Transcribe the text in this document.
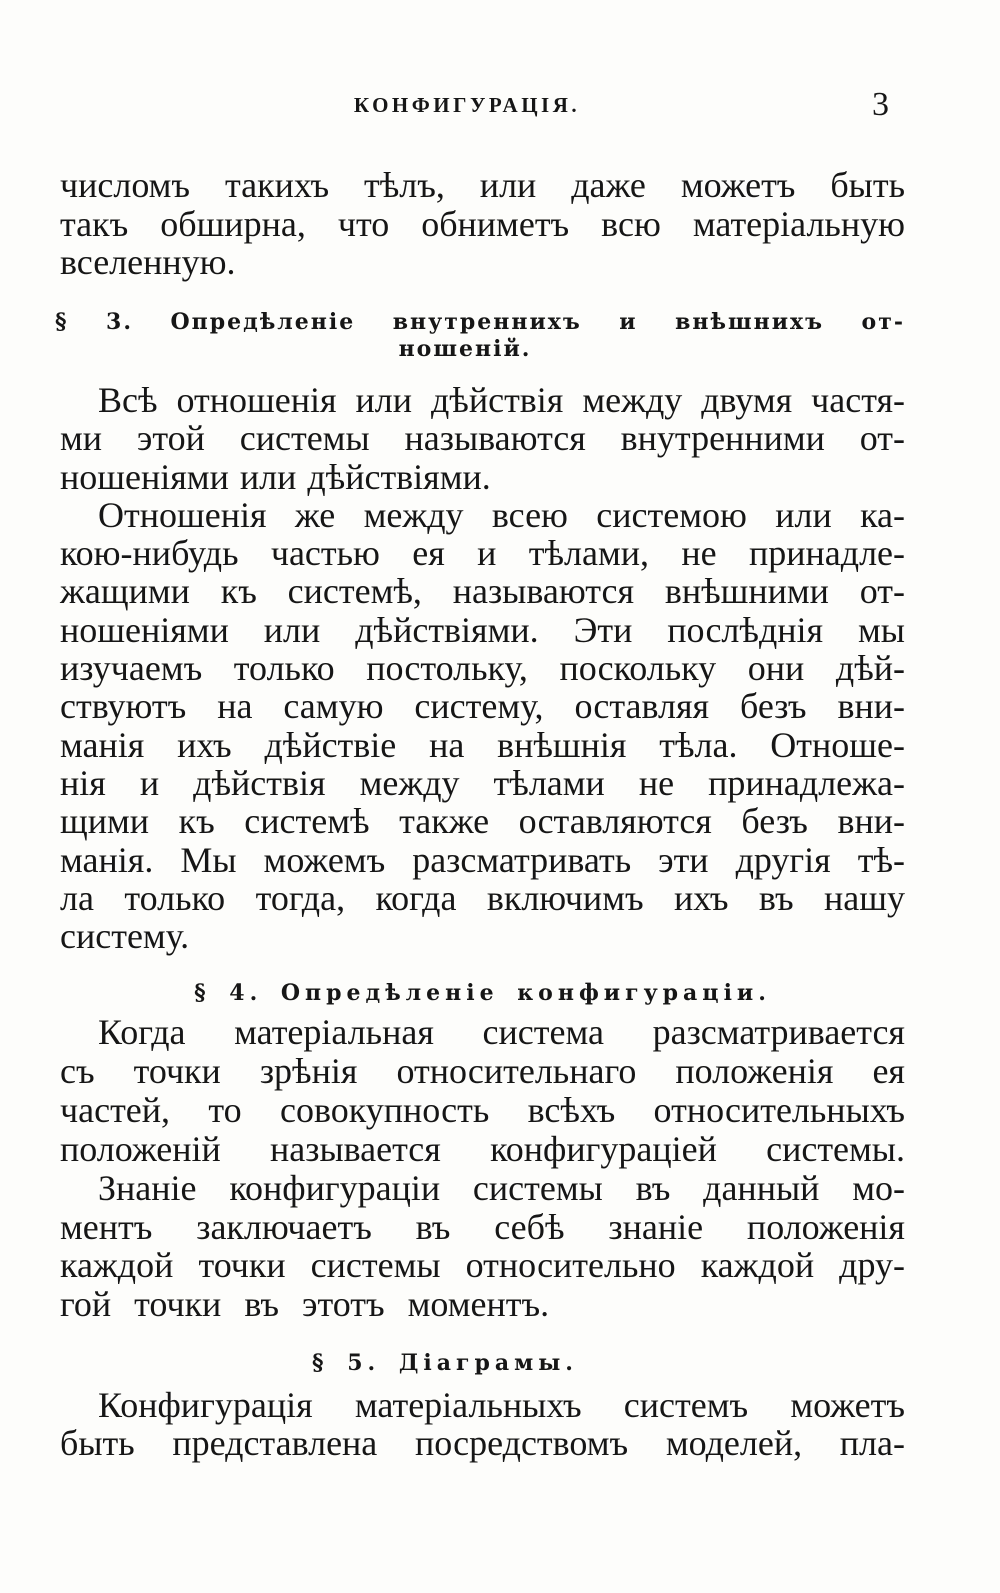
КОНФИГУРАЦІЯ.	3
числомъ такихъ тѣлъ, или даже можетъ быть
такъ обширна, что обниметъ всю матеріальную
вселенную.
§ 3. Опредѣленіе внутреннихъ и внѣшнихъ от-
ношеній.
Всѣ отношенія или дѣйствія между двумя частя-
ми этой системы называются внутренними от-
ношеніями или дѣйствіями.
Отношенія же между всею системою или ка-
кою-нибудь частью ея и тѣлами, не принадле-
жащими къ системѣ, называются внѣшними от-
ношеніями или дѣйствіями. Эти послѣднія мы
изучаемъ только постольку, поскольку они дѣй-
ствуютъ на самую систему, оставляя безъ вни-
манія ихъ дѣйствіе на внѣшнія тѣла. Отноше-
нія и дѣйствія между тѣлами не принадлежа-
щими къ системѣ также оставляются безъ вни-
манія. Мы можемъ разсматривать эти другія тѣ-
ла только тогда, когда включимъ ихъ въ нашу
систему.
§ 4. Опредѣленіе конфигураціи.
Когда матеріальная система разсматривается
съ точки зрѣнія относительнаго положенія ея
частей, то совокупность всѣхъ относительныхъ
положеній называется конфигураціей системы.
Знаніе конфигураціи системы въ данный мо-
ментъ заключаетъ въ себѣ знаніе положенія
каждой точки системы относительно каждой дру-
гой точки въ этотъ моментъ.
§ 5. Діаграмы.
Конфигурація матеріальныхъ системъ можетъ
быть представлена посредствомъ моделей, пла-
